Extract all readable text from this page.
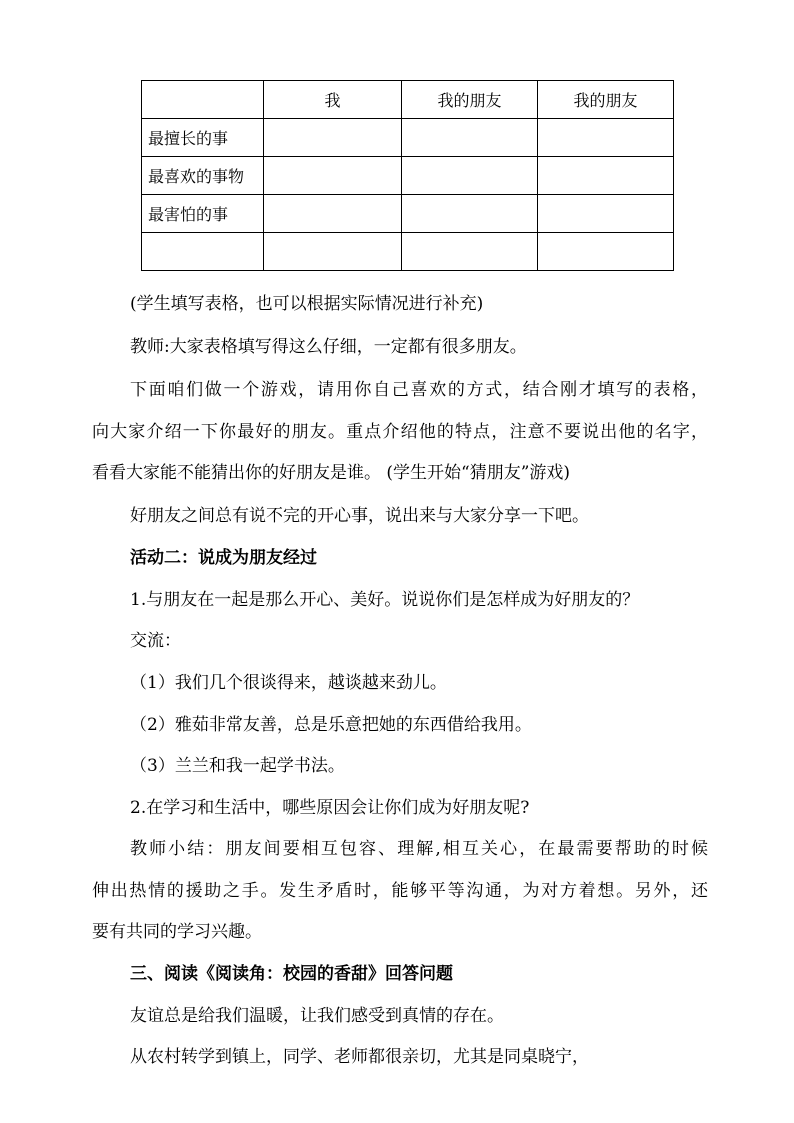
	我	我的朋友	我的朋友
最擅长的事			
最喜欢的事物			
最害怕的事			

(学生填写表格，也可以根据实际情况进行补充)
教师:大家表格填写得这么仔细，一定都有很多朋友。
下面咱们做一个游戏，请用你自己喜欢的方式，结合刚才填写的表格，
向大家介绍一下你最好的朋友。重点介绍他的特点，注意不要说出他的名字，
看看大家能不能猜出你的好朋友是谁。 (学生开始“猜朋友”游戏)
好朋友之间总有说不完的开心事，说出来与大家分享一下吧。
活动二：说成为朋友经过
1.与朋友在一起是那么开心、美好。说说你们是怎样成为好朋友的？
交流：
（1）我们几个很谈得来，越谈越来劲儿。
（2）雅茹非常友善，总是乐意把她的东西借给我用。
（3）兰兰和我一起学书法。
2.在学习和生活中，哪些原因会让你们成为好朋友呢?
教师小结：朋友间要相互包容、理解,相互关心，在最需要帮助的时候
伸出热情的援助之手。发生矛盾时，能够平等沟通，为对方着想。另外，还
要有共同的学习兴趣。
三、阅读《阅读角：校园的香甜》回答问题
友谊总是给我们温暖，让我们感受到真情的存在。
从农村转学到镇上，同学、老师都很亲切，尤其是同桌晓宁，
